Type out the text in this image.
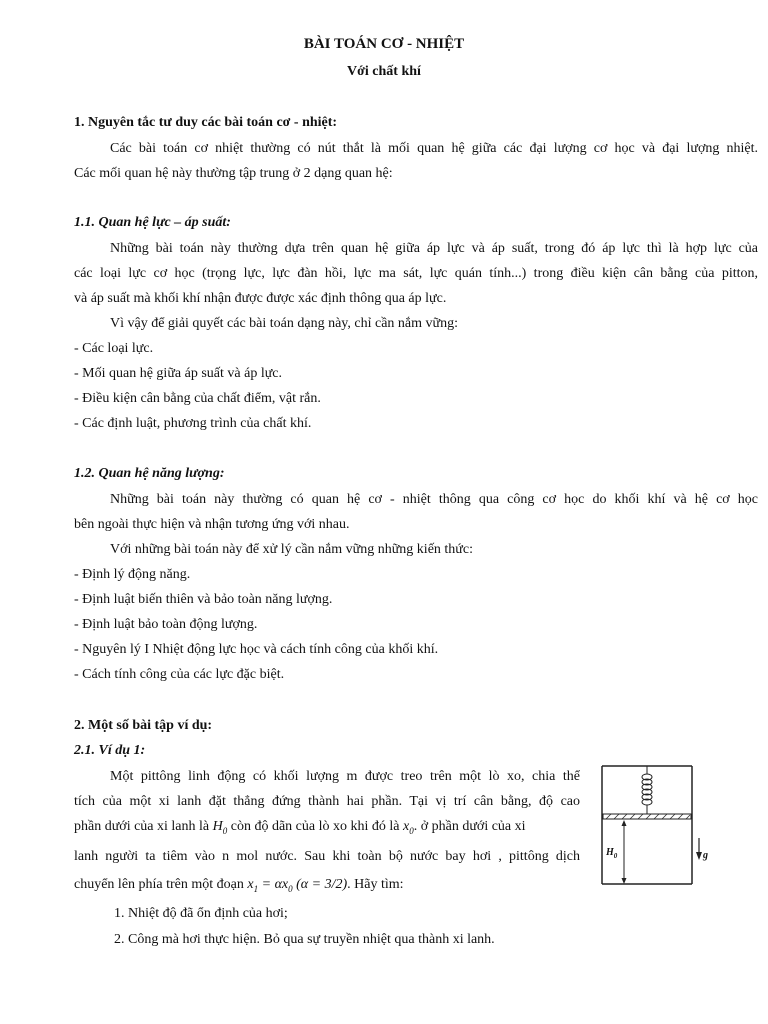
BÀI TOÁN CƠ - NHIỆT
Với chất khí
1. Nguyên tắc tư duy các bài toán cơ - nhiệt:
Các bài toán cơ nhiệt thường có nút thắt là mối quan hệ giữa các đại lượng cơ học và đại lượng nhiệt.
Các mối quan hệ này thường tập trung ở 2 dạng quan hệ:
1.1. Quan hệ lực – áp suất:
Những bài toán này thường dựa trên quan hệ giữa áp lực và áp suất, trong đó áp lực thì là hợp lực của
các loại lực cơ học (trọng lực, lực đàn hồi, lực ma sát, lực quán tính...) trong điều kiện cân bằng của pitton,
và áp suất mà khối khí nhận được được xác định thông qua áp lực.
Vì vậy để giải quyết các bài toán dạng này, chỉ cần nắm vững:
- Các loại lực.
- Mối quan hệ giữa áp suất và áp lực.
- Điều kiện cân bằng của chất điểm, vật rắn.
- Các định luật, phương trình của chất khí.
1.2. Quan hệ năng lượng:
Những bài toán này thường có quan hệ cơ - nhiệt thông qua công cơ học do khối khí và hệ cơ học
bên ngoài thực hiện và nhận tương ứng với nhau.
Với những bài toán này để xử lý cần nắm vững những kiến thức:
- Định lý động năng.
- Định luật biến thiên và bảo toàn năng lượng.
- Định luật bảo toàn động lượng.
- Nguyên lý I Nhiệt động lực học và cách tính công của khối khí.
- Cách tính công của các lực đặc biệt.
2. Một số bài tập ví dụ:
2.1. Ví dụ 1:
Một pittông linh động có khối lượng m được treo trên một lò xo, chia thể
tích của một xi lanh đặt thẳng đứng thành hai phần. Tại vị trí cân bằng, độ cao
phần dưới của xi lanh là $H_0$ còn độ dãn của lò xo khi đó là $x_0$. ở phần dưới của xi
lanh người ta tiêm vào n mol nước. Sau khi toàn bộ nước bay hơi , pittông dịch
chuyển lên phía trên một đoạn $x_1 = \alpha x_0$ (α = 3/2). Hãy tìm:
1. Nhiệt độ đã ổn định của hơi;
2. Công mà hơi thực hiện. Bỏ qua sự truyền nhiệt qua thành xi lanh.
$H_0$	g
